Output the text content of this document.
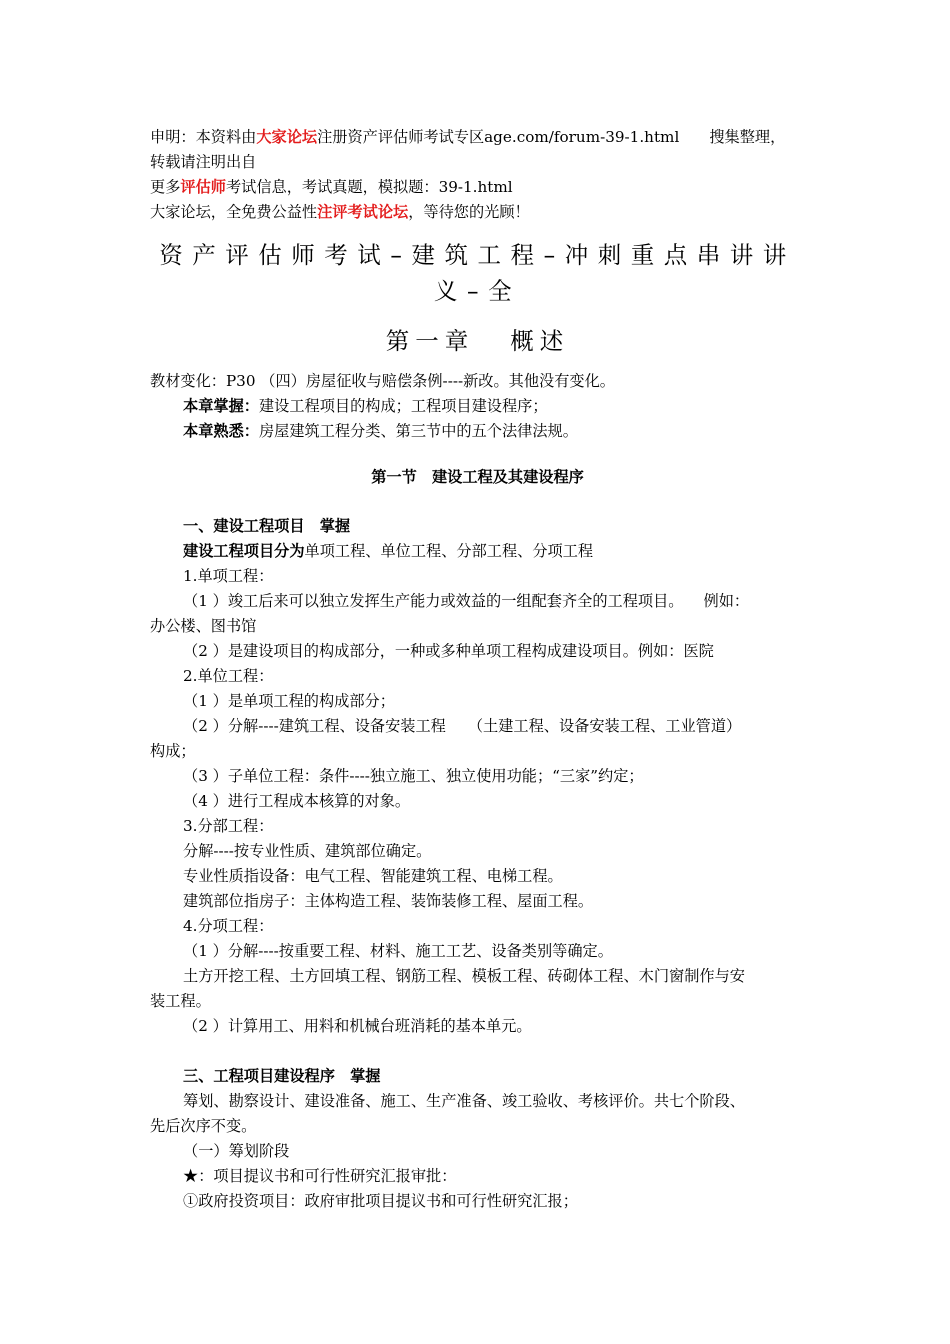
申明：本资料由大家论坛注册资产评估师考试专区age.com/forum-39-1.html 搜集整理，
转载请注明出自
更多评估师考试信息，考试真题，模拟题：39-1.html
大家论坛，全免费公益性注评考试论坛，等待您的光顾！
资产评估师考试–建筑工程–冲刺重点串讲讲义–全
第一章 概述
教材变化：P30 （四）房屋征收与赔偿条例----新改。其他没有变化。
本章掌握：建设工程项目的构成；工程项目建设程序；
本章熟悉：房屋建筑工程分类、第三节中的五个法律法规。
第一节　建设工程及其建设程序
一、建设工程项目　掌握
建设工程项目分为单项工程、单位工程、分部工程、分项工程
1.单项工程：
（1 ）竣工后来可以独立发挥生产能力或效益的一组配套齐全的工程项目。 例如：
办公楼、图书馆
（2 ）是建设项目的构成部分，一种或多种单项工程构成建设项目。例如：医院
2.单位工程：
（1 ）是单项工程的构成部分；
（2 ）分解----建筑工程、设备安装工程 （土建工程、设备安装工程、工业管道）
构成；
（3 ）子单位工程：条件----独立施工、独立使用功能；“三家”约定；
（4 ）进行工程成本核算的对象。
3.分部工程：
分解----按专业性质、建筑部位确定。
专业性质指设备：电气工程、智能建筑工程、电梯工程。
建筑部位指房子：主体构造工程、装饰装修工程、屋面工程。
4.分项工程：
（1 ）分解----按重要工程、材料、施工工艺、设备类别等确定。
土方开挖工程、土方回填工程、钢筋工程、模板工程、砖砌体工程、木门窗制作与安
装工程。
（2 ）计算用工、用料和机械台班消耗的基本单元。
三、工程项目建设程序　掌握
筹划、勘察设计、建设准备、施工、生产准备、竣工验收、考核评价。共七个阶段、
先后次序不变。
（一）筹划阶段
★：项目提议书和可行性研究汇报审批：
①政府投资项目：政府审批项目提议书和可行性研究汇报；
